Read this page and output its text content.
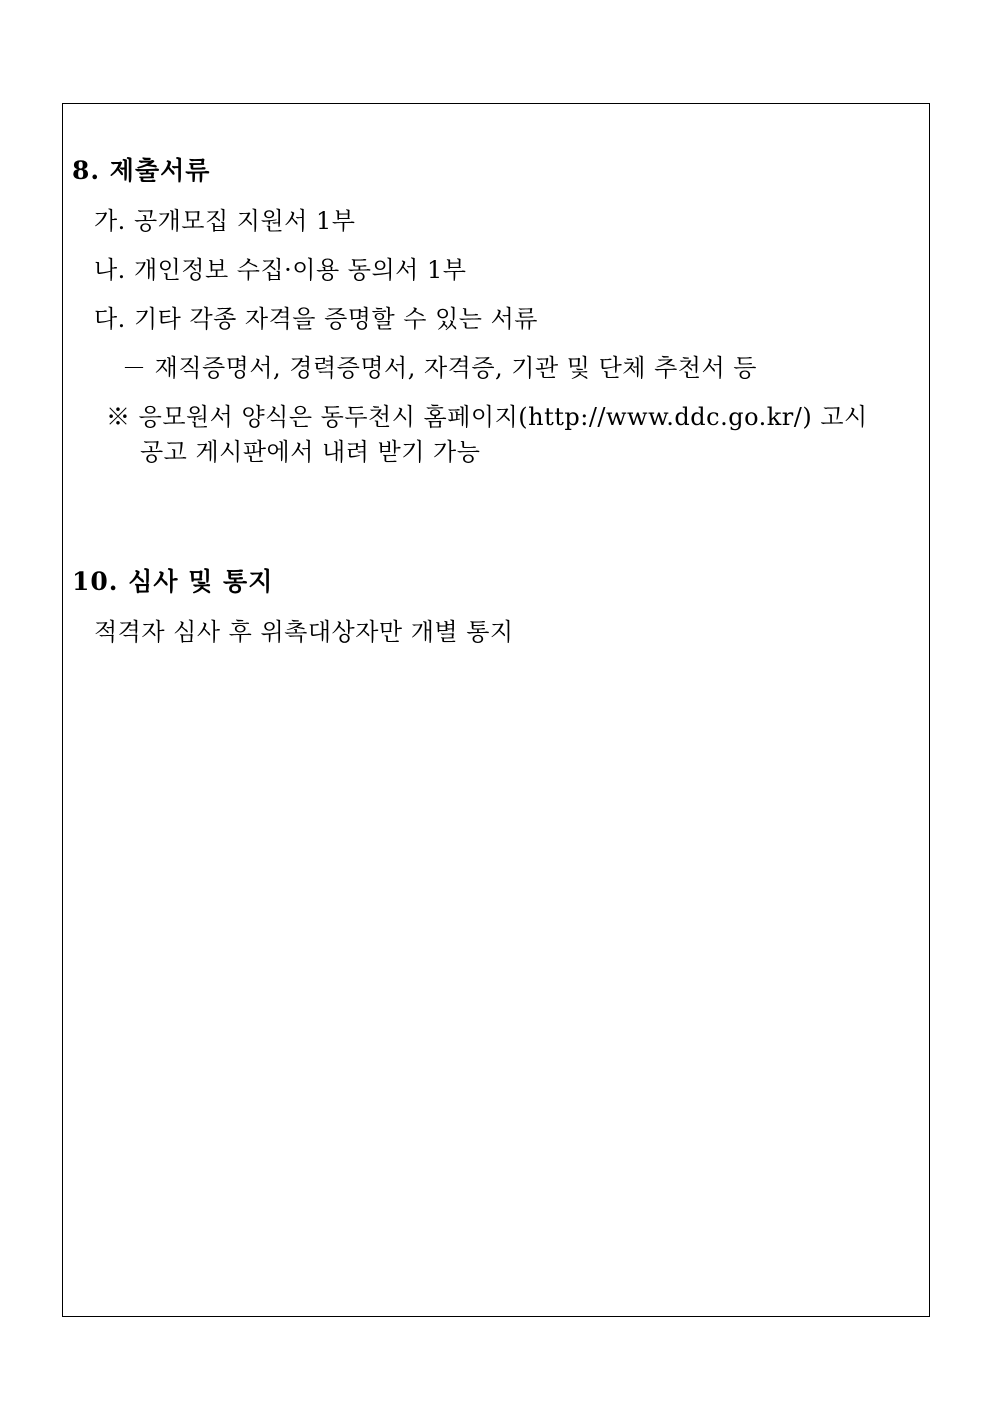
8. 제출서류
가. 공개모집 지원서 1부
나. 개인정보 수집·이용 동의서 1부
다. 기타 각종 자격을 증명할 수 있는 서류
－ 재직증명서, 경력증명서, 자격증, 기관 및 단체 추천서 등
※ 응모원서 양식은 동두천시 홈페이지(http://www.ddc.go.kr/) 고시
공고 게시판에서 내려 받기 가능
10. 심사 및 통지
적격자 심사 후 위촉대상자만 개별 통지
